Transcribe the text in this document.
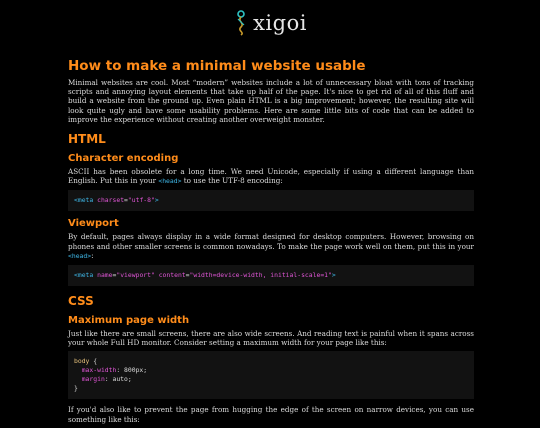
xigoi
How to make a minimal website usable

Minimal websites are cool. Most “modern” websites include a lot of unnecessary bloat with tons of tracking scripts and annoying layout elements that take up half of the page. It's nice to get rid of all of this fluff and build a website from the ground up. Even plain HTML is a big improvement; however, the resulting site will look quite ugly and have some usability problems. Here are some little bits of code that can be added to improve the experience without creating another overweight monster.

HTML
Character encoding

ASCII has been obsolete for a long time. We need Unicode, especially if using a different language than English. Put this in your <head> to use the UTF-8 encoding:

<meta charset="utf-8">
Viewport

By default, pages always display in a wide format designed for desktop computers. However, browsing on phones and other smaller screens is common nowadays. To make the page work well on them, put this in your <head>:

<meta name="viewport" content="width=device-width, initial-scale=1">
CSS
Maximum page width

Just like there are small screens, there are also wide screens. And reading text is painful when it spans across your whole Full HD monitor. Consider setting a maximum width for your page like this:

body {
max-width: 800px;
margin: auto;
}

If you'd also like to prevent the page from hugging the edge of the screen on narrow devices, you can use something like this:
